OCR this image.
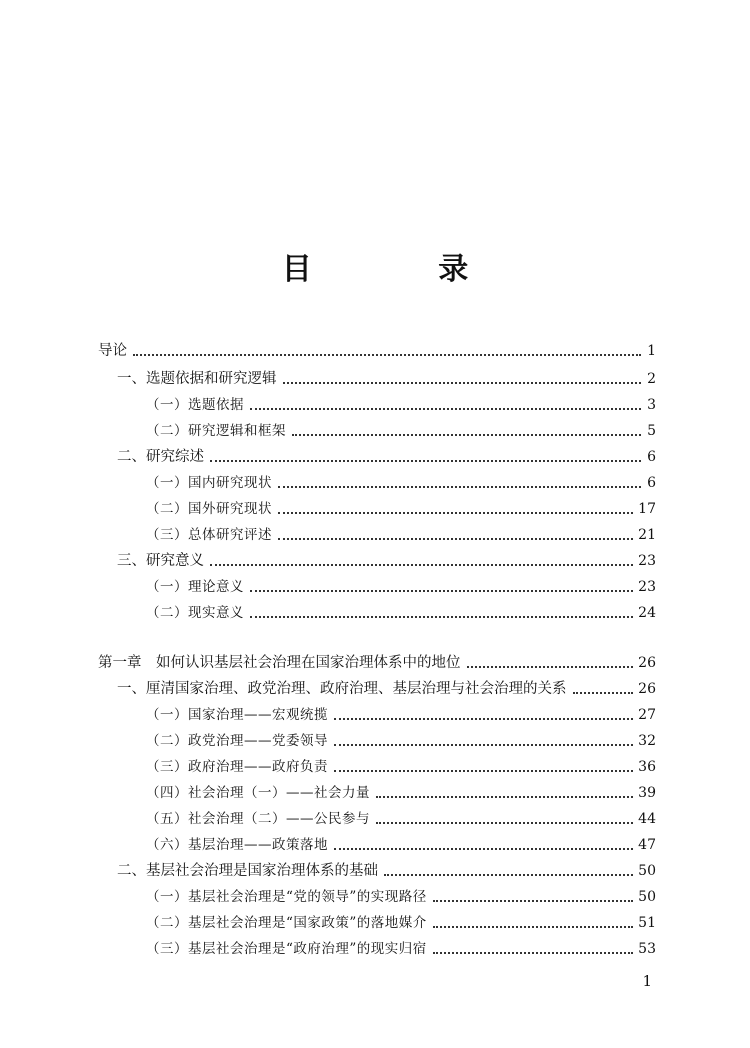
目 录
导论	1
一、选题依据和研究逻辑	2
（一）选题依据	3
（二）研究逻辑和框架	5
二、研究综述	6
（一）国内研究现状	6
（二）国外研究现状	17
（三）总体研究评述	21
三、研究意义	23
（一）理论意义	23
（二）现实意义	24
第一章　如何认识基层社会治理在国家治理体系中的地位	26
一、厘清国家治理、政党治理、政府治理、基层治理与社会治理的关系	26
（一）国家治理——宏观统揽	27
（二）政党治理——党委领导	32
（三）政府治理——政府负责	36
（四）社会治理（一）——社会力量	39
（五）社会治理（二）——公民参与	44
（六）基层治理——政策落地	47
二、基层社会治理是国家治理体系的基础	50
（一）基层社会治理是“党的领导”的实现路径	50
（二）基层社会治理是“国家政策”的落地媒介	51
（三）基层社会治理是“政府治理”的现实归宿	53
1
